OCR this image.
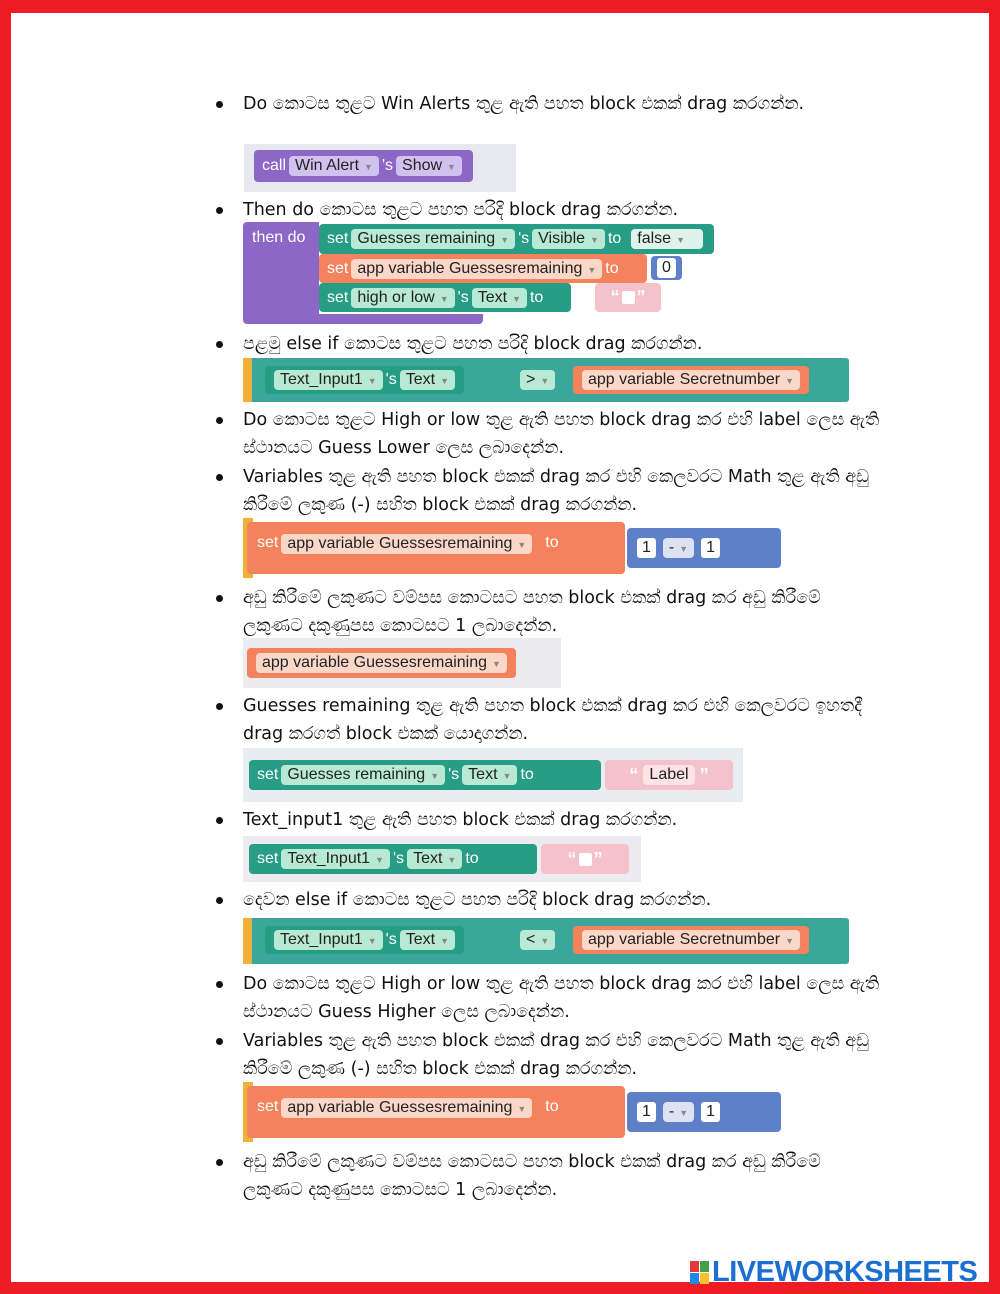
Do කොටස තුළට Win Alerts තුළ ඇති පහත block එකක් drag කරගන්න.
Then do කොටස තුළට පහත පරිදි block drag කරගන්න.
පළමු else if කොටස තුළට පහත පරිදි block drag කරගන්න.
Do කොටස තුළට High or low තුළ ඇති පහත block drag කර එහි label ලෙස ඇති ස්ථානයට Guess Lower ලෙස ලබාදෙන්න.
Variables තුළ ඇති පහත block එකක් drag කර එහි කෙලවරට Math තුළ ඇති අඩු කිරීමේ ලකුණ (-) සහිත block එකක් drag කරගන්න.
අඩු කිරීමේ ලකුණට වම්පස කොටසට පහත block එකක් drag කර අඩු කිරීමේ ලකුණට දකුණුපස කොටසට 1 ලබාදෙන්න.
Guesses remaining තුළ ඇති පහත block එකක් drag කර එහි කෙලවරට ඉහතදී drag කරගත් block එකක් යොදාගන්න.
Text_input1 තුළ ඇති පහත block එකක් drag කරගන්න.
දෙවන else if කොටස තුළට පහත පරිදි block drag කරගන්න.
Do කොටස තුළට High or low තුළ ඇති පහත block drag කර එහි label ලෙස ඇති ස්ථානයට Guess Higher ලෙස ලබාදෙන්න.
Variables තුළ ඇති පහත block එකක් drag කර එහි කෙලවරට Math තුළ ඇති අඩු කිරීමේ ලකුණ (-) සහිත block එකක් drag කරගන්න.
අඩු කිරීමේ ලකුණට වම්පස කොටසට පහත block එකක් drag කර අඩු කිරීමේ ලකුණට දකුණුපස කොටසට 1 ලබාදෙන්න.
call Win Alert ▼ 's Show ▼
then do set Guesses remaining ▼ 's Visible ▼ to	false ▼
set app variable Guessesremaining ▼ to	0
set high or low ▼ 's Text ▼ to	“ ”
Text_Input1 ▼ 's Text ▼	> ▼	app variable Secretnumber ▼
set app variable Guessesremaining ▼	to	1	- ▼	1
app variable Guessesremaining ▼
set Guesses remaining ▼ 's Text ▼ to	“ Label ”
set Text_Input1 ▼ 's Text ▼ to	“ ”
Text_Input1 ▼ 's Text ▼	< ▼	app variable Secretnumber ▼
set app variable Guessesremaining ▼	to	1	- ▼	1
LIVEWORKSHEETS
